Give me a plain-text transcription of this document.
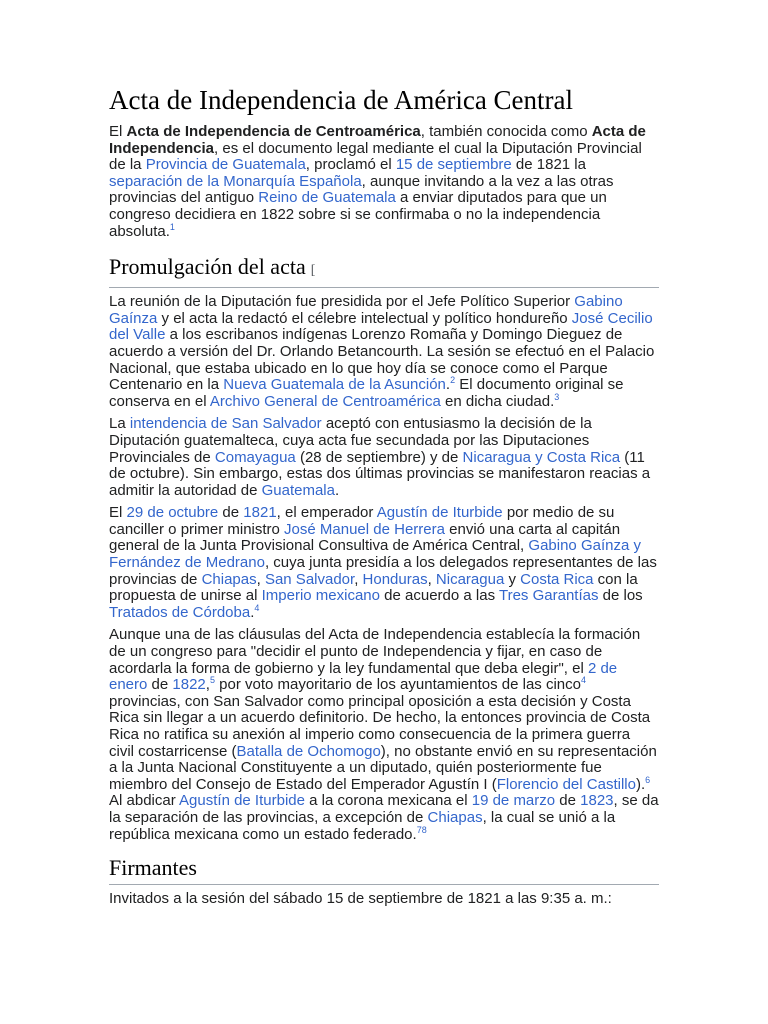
Acta de Independencia de América Central

El Acta de Independencia de Centroamérica, también conocida como Acta de Independencia, es el documento legal mediante el cual la Diputación Provincial de la Provincia de Guatemala, proclamó el 15 de septiembre de 1821 la separación de la Monarquía Española, aunque invitando a la vez a las otras provincias del antiguo Reino de Guatemala a enviar diputados para que un congreso decidiera en 1822 sobre si se confirmaba o no la independencia absoluta.$^1$

Promulgación del acta [

La reunión de la Diputación fue presidida por el Jefe Político Superior Gabino Gaínza y el acta la redactó el célebre intelectual y político hondureño José Cecilio del Valle a los escribanos indígenas Lorenzo Romaña y Domingo Dieguez de acuerdo a versión del Dr. Orlando Betancourth. La sesión se efectuó en el Palacio Nacional, que estaba ubicado en lo que hoy día se conoce como el Parque Centenario en la Nueva Guatemala de la Asunción.$^2$ El documento original se conserva en el Archivo General de Centroamérica en dicha ciudad.$^3$

La intendencia de San Salvador aceptó con entusiasmo la decisión de la Diputación guatemalteca, cuya acta fue secundada por las Diputaciones Provinciales de Comayagua (28 de septiembre) y de Nicaragua y Costa Rica (11 de octubre). Sin embargo, estas dos últimas provincias se manifestaron reacias a admitir la autoridad de Guatemala.

El 29 de octubre de 1821, el emperador Agustín de Iturbide por medio de su canciller o primer ministro José Manuel de Herrera envió una carta al capitán general de la Junta Provisional Consultiva de América Central, Gabino Gaínza y Fernández de Medrano, cuya junta presidía a los delegados representantes de las provincias de Chiapas, San Salvador, Honduras, Nicaragua y Costa Rica con la propuesta de unirse al Imperio mexicano de acuerdo a las Tres Garantías de los Tratados de Córdoba.$^4$

Aunque una de las cláusulas del Acta de Independencia establecía la formación de un congreso para "decidir el punto de Independencia y fijar, en caso de acordarla la forma de gobierno y la ley fundamental que deba elegir", el 2 de enero de 1822,$^5$ por voto mayoritario de los ayuntamientos de las cinco$^4$ provincias, con San Salvador como principal oposición a esta decisión y Costa Rica sin llegar a un acuerdo definitorio. De hecho, la entonces provincia de Costa Rica no ratifica su anexión al imperio como consecuencia de la primera guerra civil costarricense (Batalla de Ochomogo), no obstante envió en su representación a la Junta Nacional Constituyente a un diputado, quién posteriormente fue miembro del Consejo de Estado del Emperador Agustín I (Florencio del Castillo).$^6$ Al abdicar Agustín de Iturbide a la corona mexicana el 19 de marzo de 1823, se da la separación de las provincias, a excepción de Chiapas, la cual se unió a la república mexicana como un estado federado.$^{78}$

Firmantes

Invitados a la sesión del sábado 15 de septiembre de 1821 a las 9:35 a. m.:
